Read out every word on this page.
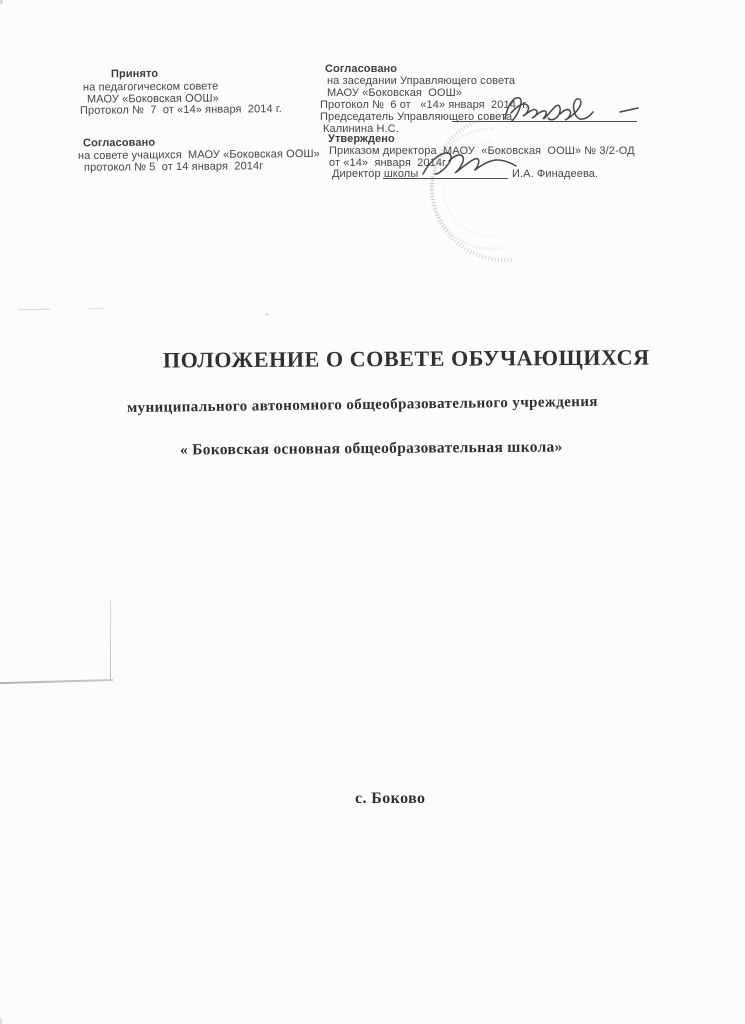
Принято
на педагогическом совете
МАОУ «Боковская ООШ»
Протокол №  7  от «14» января  2014 г.
Согласовано
на совете учащихся  МАОУ «Боковская ООШ»
протокол № 5  от 14 января  2014г
Согласовано
на заседании Управляющего совета
МАОУ «Боковская  ООШ»
Протокол №  6 от   «14» января  2014  г.
Председатель Управляющего совета
Калинина Н.С.
Утверждено
Приказом директора  МАОУ  «Боковская  ООШ» № 3/2-ОД
от «14»  января  2014г.
Директор школы	И.А. Финадеева.
ПОЛОЖЕНИЕ О СОВЕТЕ ОБУЧАЮЩИХСЯ
муниципального автономного общеобразовательного учреждения
« Боковская основная общеобразовательная школа»
с. Боково
